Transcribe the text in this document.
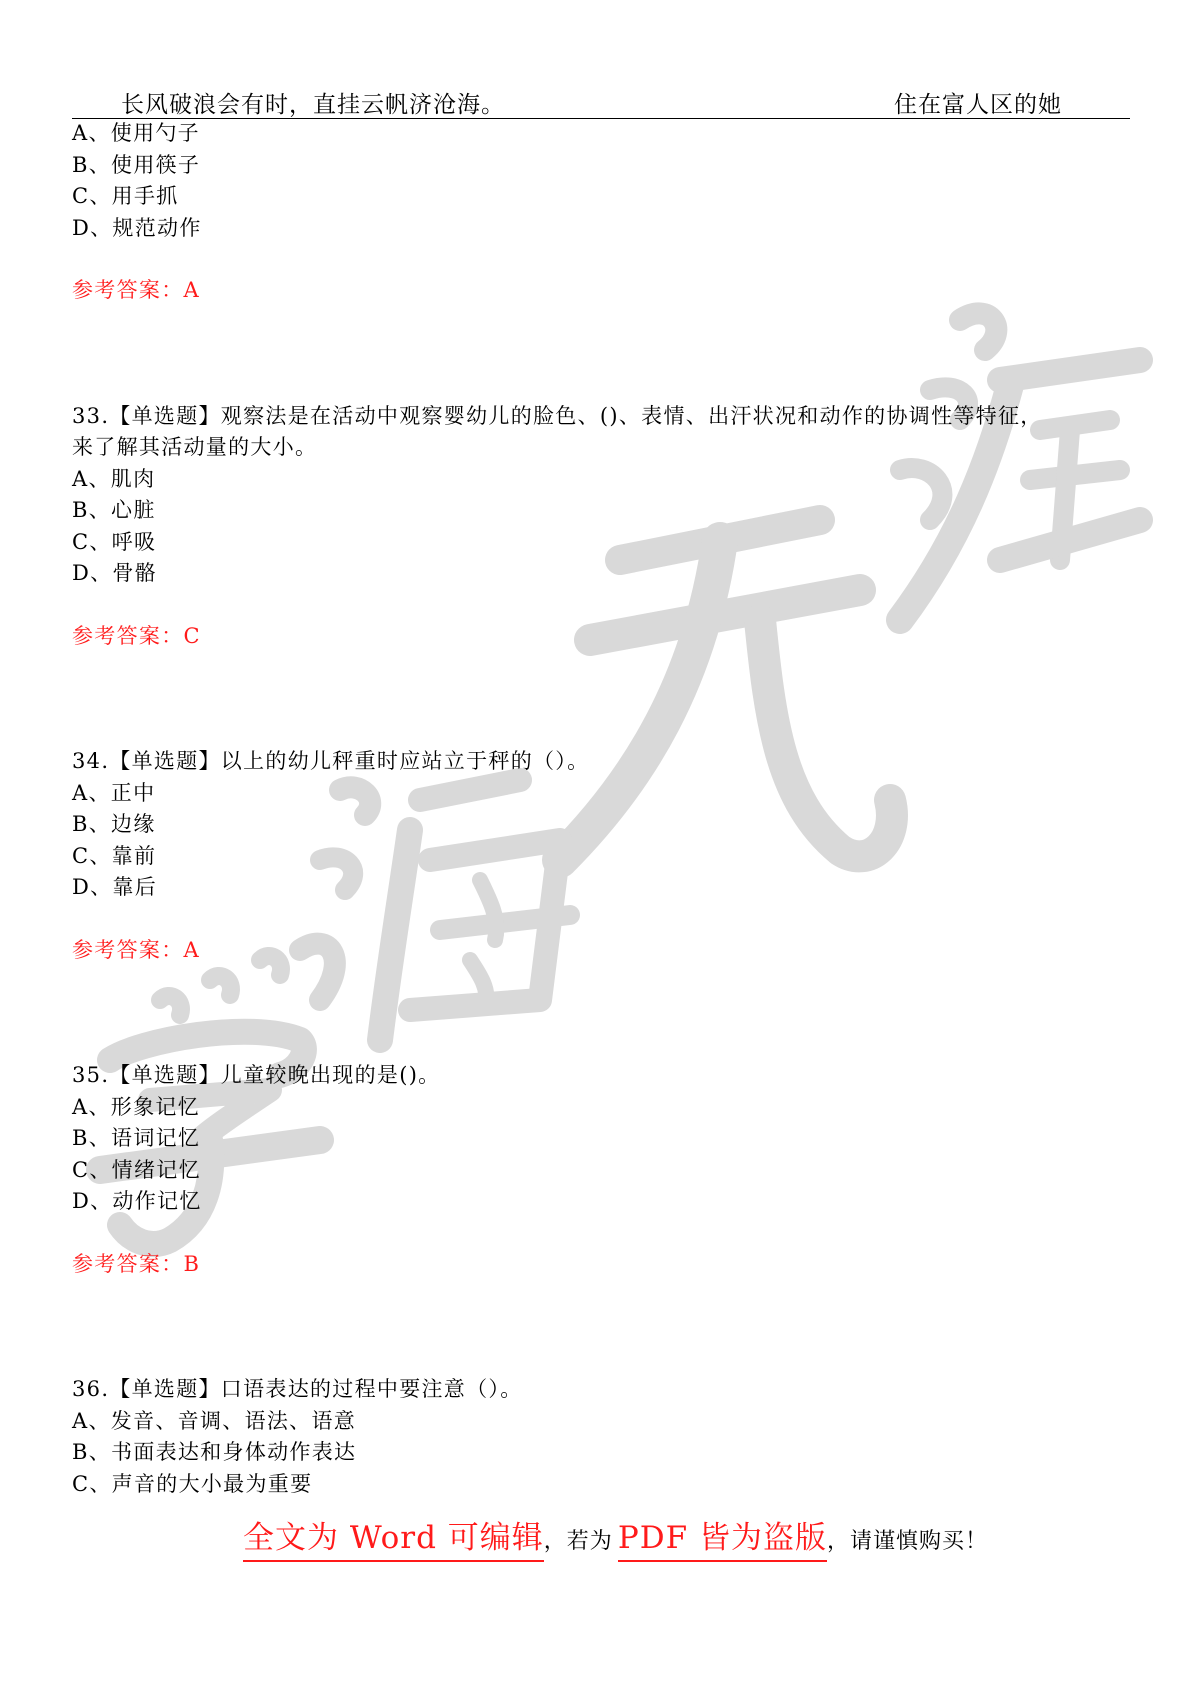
长风破浪会有时，直挂云帆济沧海。	住在富人区的她
A、使用勺子
B、使用筷子
C、用手抓
D、规范动作
参考答案：A
33.【单选题】观察法是在活动中观察婴幼儿的脸色、()、表情、出汗状况和动作的协调性等特征，
来了解其活动量的大小。
A、肌肉
B、心脏
C、呼吸
D、骨骼
参考答案：C
34.【单选题】以上的幼儿秤重时应站立于秤的（）。
A、正中
B、边缘
C、靠前
D、靠后
参考答案：A
35.【单选题】儿童较晚出现的是()。
A、形象记忆
B、语词记忆
C、情绪记忆
D、动作记忆
参考答案：B
36.【单选题】口语表达的过程中要注意（）。
A、发音、音调、语法、语意
B、书面表达和身体动作表达
C、声音的大小最为重要
全文为 Word 可编辑，若为 PDF 皆为盗版，请谨慎购买！
